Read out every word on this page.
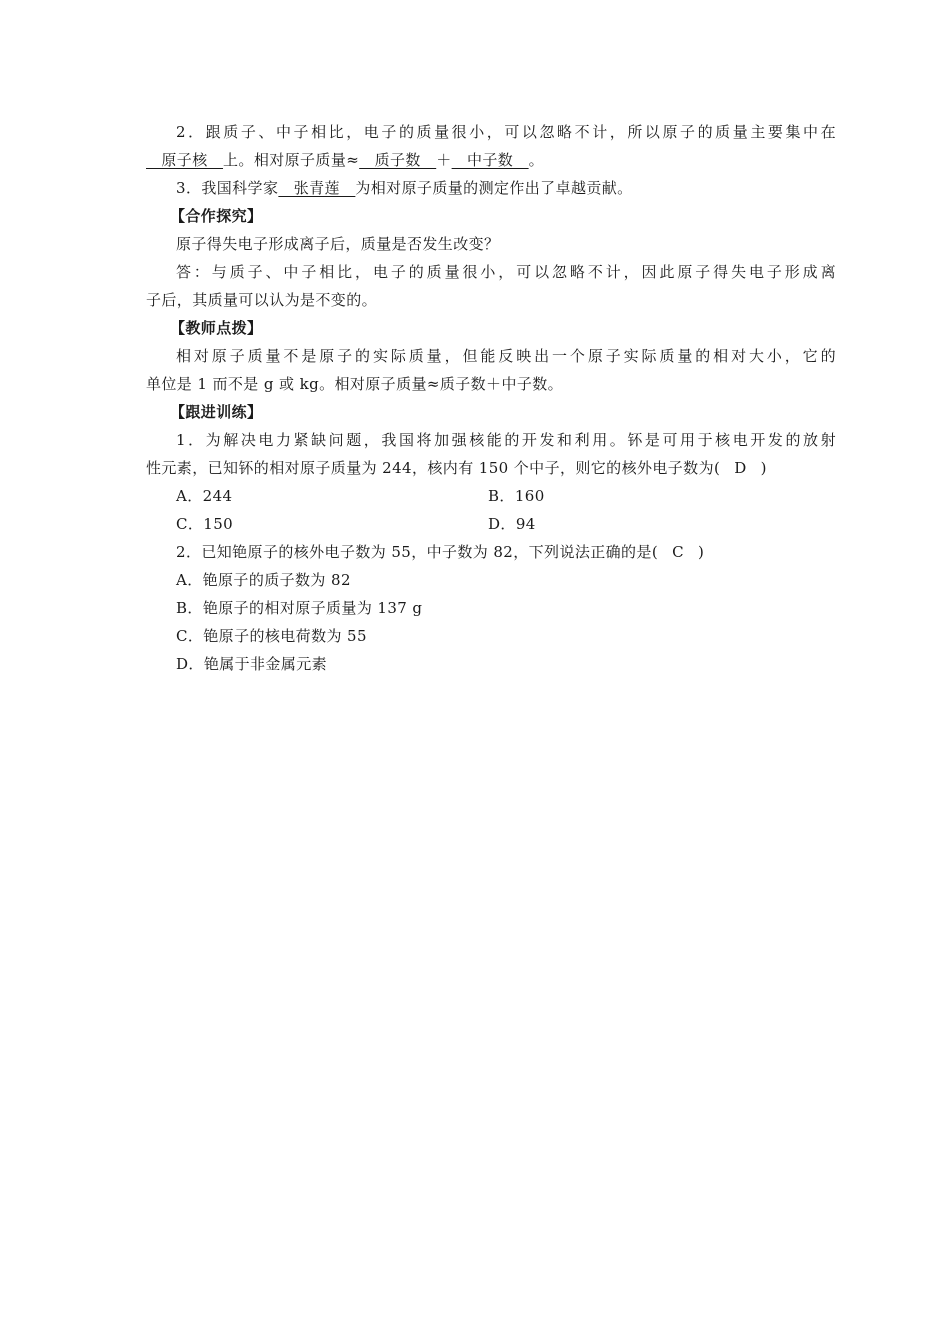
2．跟质子、中子相比，电子的质量很小，可以忽略不计，所以原子的质量主要集中在
　原子核　上。相对原子质量≈　质子数　＋　中子数　。
3．我国科学家　张青莲　为相对原子质量的测定作出了卓越贡献。
【合作探究】
原子得失电子形成离子后，质量是否发生改变？
答：与质子、中子相比，电子的质量很小，可以忽略不计，因此原子得失电子形成离
子后，其质量可以认为是不变的。
【教师点拨】
相对原子质量不是原子的实际质量，但能反映出一个原子实际质量的相对大小，它的
单位是 1 而不是 g 或 kg。相对原子质量≈质子数＋中子数。
【跟进训练】
1．为解决电力紧缺问题，我国将加强核能的开发和利用。钚是可用于核电开发的放射
性元素，已知钚的相对原子质量为 244，核内有 150 个中子，则它的核外电子数为( D )
A．244	B．160
C．150	D．94
2．已知铯原子的核外电子数为 55，中子数为 82，下列说法正确的是( C )
A．铯原子的质子数为 82
B．铯原子的相对原子质量为 137 g
C．铯原子的核电荷数为 55
D．铯属于非金属元素
